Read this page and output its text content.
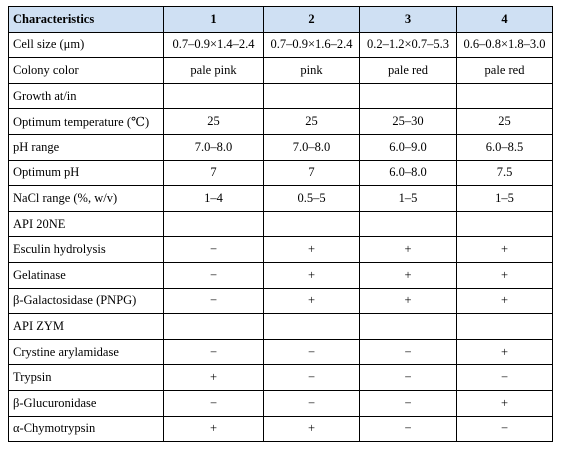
Characteristics	1	2	3	4
Cell size (μm)	0.7–0.9×1.4–2.4	0.7–0.9×1.6–2.4	0.2–1.2×0.7–5.3	0.6–0.8×1.8–3.0
Colony color	pale pink	pink	pale red	pale red
Growth at/in				
Optimum temperature (℃)	25	25	25–30	25
pH range	7.0–8.0	7.0–8.0	6.0–9.0	6.0–8.5
Optimum pH	7	7	6.0–8.0	7.5
NaCl range (%, w/v)	1–4	0.5–5	1–5	1–5
API 20NE				
Esculin hydrolysis	−	+	+	+
Gelatinase	−	+	+	+
β-Galactosidase (PNPG)	−	+	+	+
API ZYM				
Crystine arylamidase	−	−	−	+
Trypsin	+	−	−	−
β-Glucuronidase	−	−	−	+
α-Chymotrypsin	+	+	−	−
